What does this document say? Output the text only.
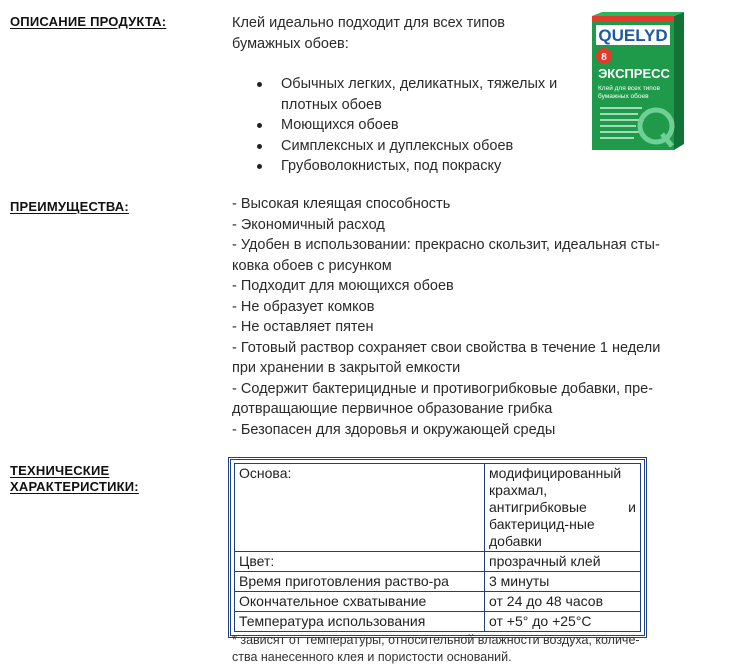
ОПИСАНИЕ ПРОДУКТА:	Клей идеально подходит для всех типов
бумажных обоев:
Обычных легких, деликатных, тяжелых и плотных обоев
Моющихся обоев
Симплексных и дуплексных обоев
Грубоволокнистых, под покраску
QUELYD
8
ЭКСПРЕСС
Клей для всех типов
бумажных обоев
ПРЕИМУЩЕСТВА:	- Высокая клеящая способность
- Экономичный расход
- Удобен в использовании: прекрасно скользит, идеальная сты-
ковка обоев с рисунком
- Подходит для моющихся обоев
- Не образует комков
- Не оставляет пятен
- Готовый раствор сохраняет свои свойства в течение 1 недели
при хранении в закрытой емкости
- Содержит бактерицидные и противогрибковые добавки, пре-
дотвращающие первичное образование грибка
- Безопасен для здоровья и окружающей среды
ТЕХНИЧЕСКИЕ
ХАРАКТЕРИСТИКИ:
Основа:	модифицированный крахмал, антигрибковые и бактерицид-ные добавки
Цвет:	прозрачный клей
Время приготовления раство-ра	3 минуты
Окончательное схватывание	от 24 до 48 часов
Температура использования	от +5° до +25°С
* зависят от температуры, относительной влажности воздуха, количе-
ства нанесенного клея и пористости оснований.
